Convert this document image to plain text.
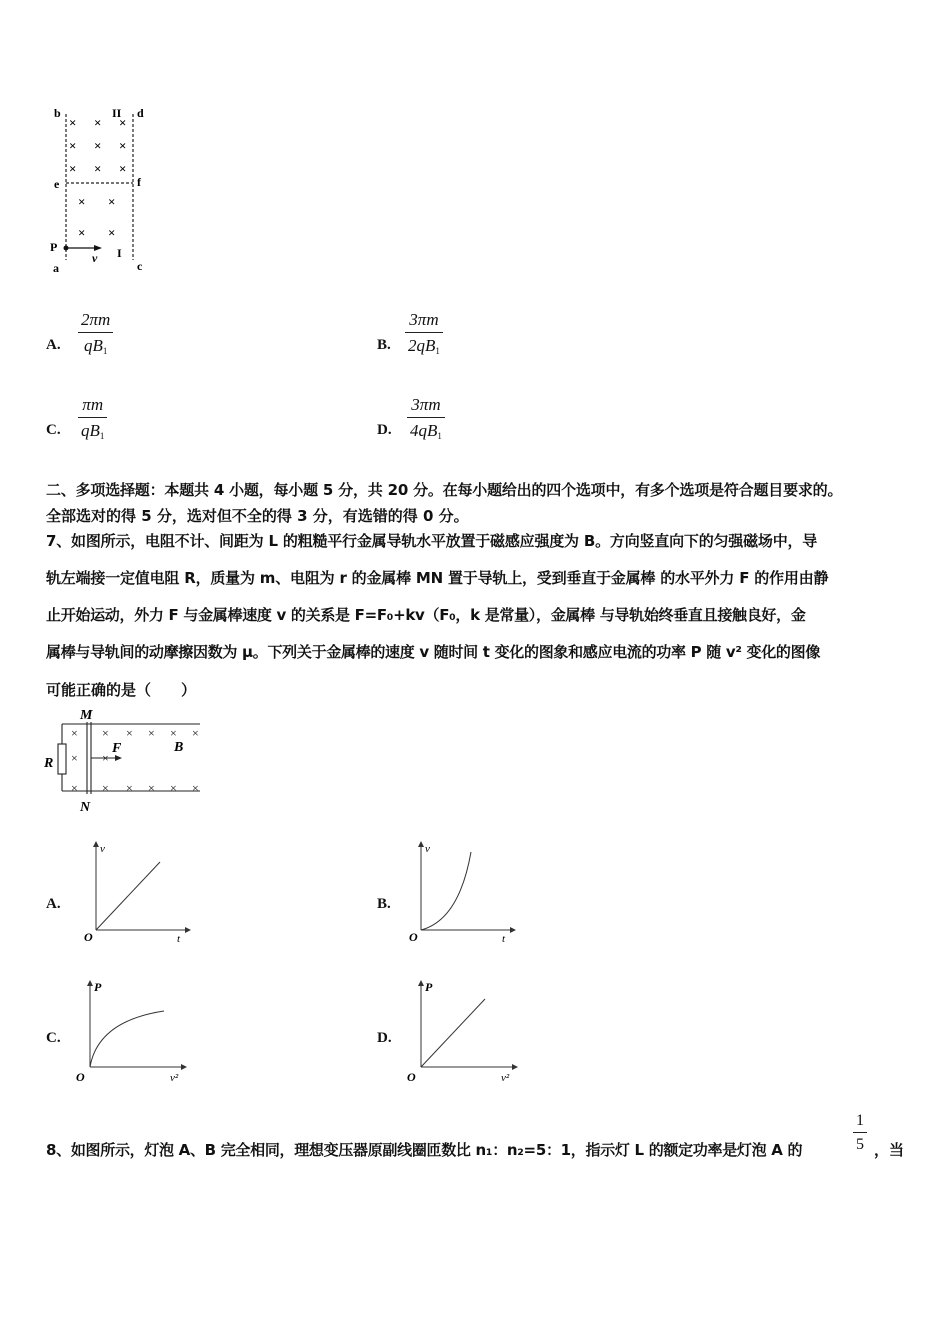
b	II d
e	f
P
a
v I
c
× × ×
× × ×
× × ×
× ×
× ×
A. $\frac{2\pi m}{qB_1}$	B. $\frac{3\pi m}{2qB_1}$
C. $\frac{\pi m}{qB_1}$	D. $\frac{3\pi m}{4qB_1}$
二、多项选择题：本题共 4 小题，每小题 5 分，共 20 分。在每小题给出的四个选项中，有多个选项是符合题目要求的。
全部选对的得 5 分，选对但不全的得 3 分，有选错的得 0 分。
7、如图所示，电阻不计、间距为 L 的粗糙平行金属导轨水平放置于磁感应强度为 B。方向竖直向下的匀强磁场中，导
轨左端接一定值电阻 R，质量为 m、电阻为 r 的金属棒 MN 置于导轨上，受到垂直于金属棒 的水平外力 F 的作用由静
止开始运动，外力 F 与金属棒速度 v 的关系是 F=F₀+kv（F₀，k 是常量），金属棒 与导轨始终垂直且接触良好，金
属棒与导轨间的动摩擦因数为 μ。下列关于金属棒的速度 v 随时间 t 变化的图象和感应电流的功率 P 随 v² 变化的图像
可能正确的是（　　）
M
N
R
F	B
× × × × × ×
× ×
× × × × × ×
A.
v
t
O
B.
v
t
O
C.
P
v²
O
D.
P
v²
O
8、如图所示，灯泡 A、B 完全相同，理想变压器原副线圈匝数比 n₁：n₂=5：1，指示灯 L 的额定功率是灯泡 A 的	$\frac{1}{5}$ ，当
